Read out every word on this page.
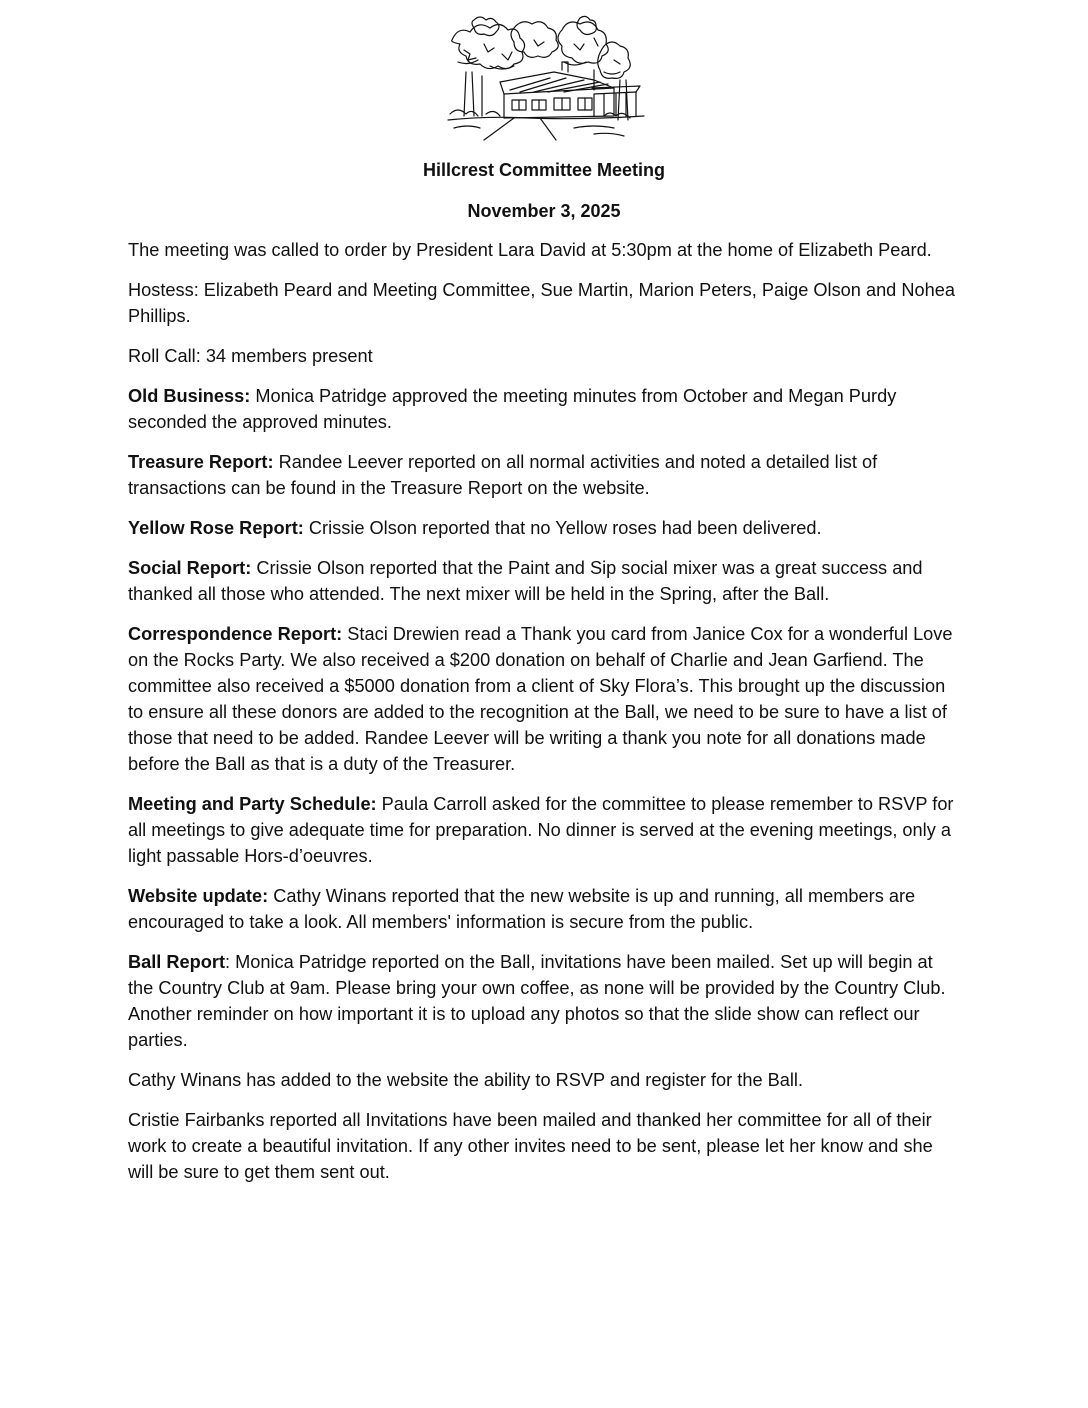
Hillcrest Committee Meeting
November 3, 2025

The meeting was called to order by President Lara David at 5:30pm at the home of Elizabeth Peard.

Hostess: Elizabeth Peard and Meeting Committee, Sue Martin, Marion Peters, Paige Olson and Nohea Phillips.

Roll Call: 34 members present

Old Business: Monica Patridge approved the meeting minutes from October and Megan Purdy seconded the approved minutes.

Treasure Report: Randee Leever reported on all normal activities and noted a detailed list of transactions can be found in the Treasure Report on the website.

Yellow Rose Report: Crissie Olson reported that no Yellow roses had been delivered.

Social Report: Crissie Olson reported that the Paint and Sip social mixer was a great success and thanked all those who attended. The next mixer will be held in the Spring, after the Ball.

Correspondence Report: Staci Drewien read a Thank you card from Janice Cox for a wonderful Love on the Rocks Party. We also received a $200 donation on behalf of Charlie and Jean Garfiend. The committee also received a $5000 donation from a client of Sky Flora’s. This brought up the discussion to ensure all these donors are added to the recognition at the Ball, we need to be sure to have a list of those that need to be added. Randee Leever will be writing a thank you note for all donations made before the Ball as that is a duty of the Treasurer.

Meeting and Party Schedule: Paula Carroll asked for the committee to please remember to RSVP for all meetings to give adequate time for preparation. No dinner is served at the evening meetings, only a light passable Hors-d’oeuvres.

Website update: Cathy Winans reported that the new website is up and running, all members are encouraged to take a look. All members' information is secure from the public.

Ball Report: Monica Patridge reported on the Ball, invitations have been mailed. Set up will begin at the Country Club at 9am. Please bring your own coffee, as none will be provided by the Country Club. Another reminder on how important it is to upload any photos so that the slide show can reflect our parties.

Cathy Winans has added to the website the ability to RSVP and register for the Ball.

Cristie Fairbanks reported all Invitations have been mailed and thanked her committee for all of their work to create a beautiful invitation. If any other invites need to be sent, please let her know and she will be sure to get them sent out.
